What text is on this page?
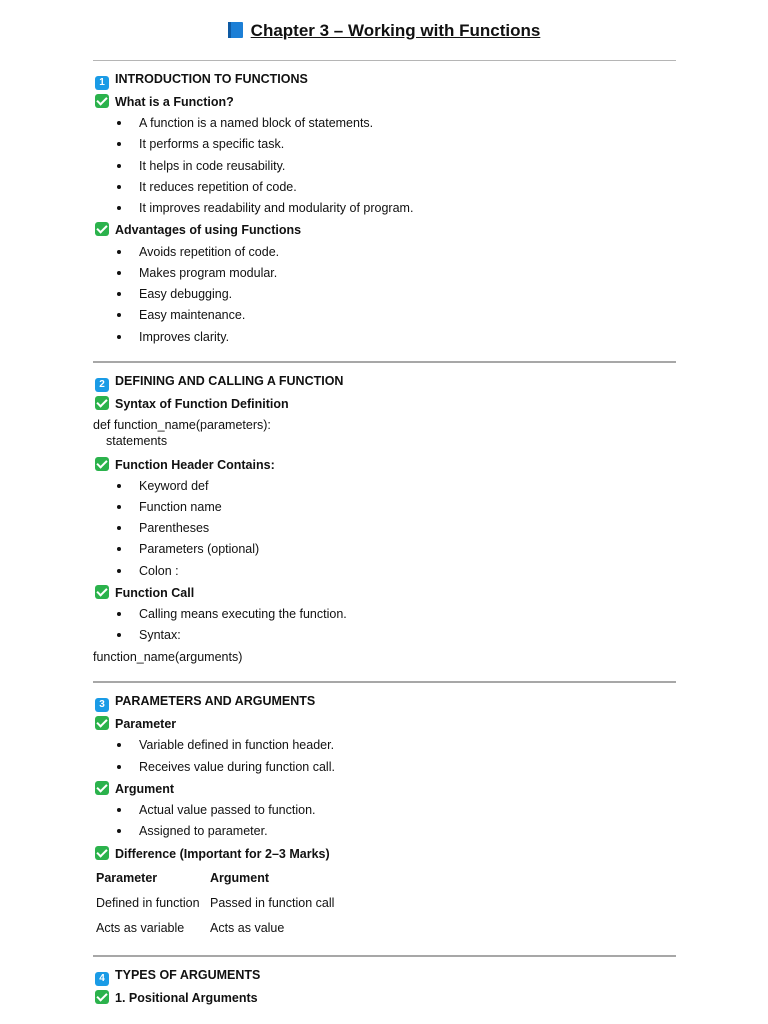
Chapter 3 – Working with Functions
1 INTRODUCTION TO FUNCTIONS
What is a Function?
A function is a named block of statements.
It performs a specific task.
It helps in code reusability.
It reduces repetition of code.
It improves readability and modularity of program.
Advantages of using Functions
Avoids repetition of code.
Makes program modular.
Easy debugging.
Easy maintenance.
Improves clarity.
2 DEFINING AND CALLING A FUNCTION
Syntax of Function Definition
def function_name(parameters):
statements
Function Header Contains:
Keyword def
Function name
Parentheses
Parameters (optional)
Colon :
Function Call
Calling means executing the function.
Syntax:
function_name(arguments)
3 PARAMETERS AND ARGUMENTS
Parameter
Variable defined in function header.
Receives value during function call.
Argument
Actual value passed to function.
Assigned to parameter.
Difference (Important for 2–3 Marks)
Parameter	Argument
Defined in function Passed in function call
Acts as variable Acts as value
4 TYPES OF ARGUMENTS
1. Positional Arguments
